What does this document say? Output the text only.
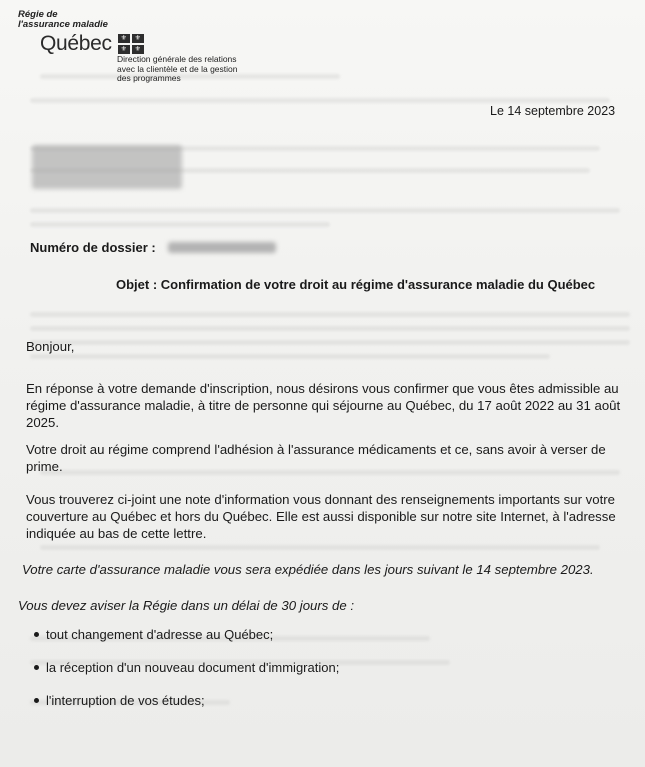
Régie de
l'assurance maladie
Québec	⚜	⚜
⚜	⚜
Direction générale des relations
avec la clientèle et de la gestion
des programmes
Le 14 septembre 2023
Numéro de dossier :
Objet : Confirmation de votre droit au régime d'assurance maladie du Québec
Bonjour,
En réponse à votre demande d'inscription, nous désirons vous confirmer que vous êtes admissible au régime d'assurance maladie, à titre de personne qui séjourne au Québec, du 17 août 2022 au 31 août 2025.
Votre droit au régime comprend l'adhésion à l'assurance médicaments et ce, sans avoir à verser de prime.
Vous trouverez ci-joint une note d'information vous donnant des renseignements importants sur votre couverture au Québec et hors du Québec. Elle est aussi disponible sur notre site Internet, à l'adresse indiquée au bas de cette lettre.
Votre carte d'assurance maladie vous sera expédiée dans les jours suivant le 14 septembre 2023.
Vous devez aviser la Régie dans un délai de 30 jours de :
tout changement d'adresse au Québec;
la réception d'un nouveau document d'immigration;
l'interruption de vos études;
